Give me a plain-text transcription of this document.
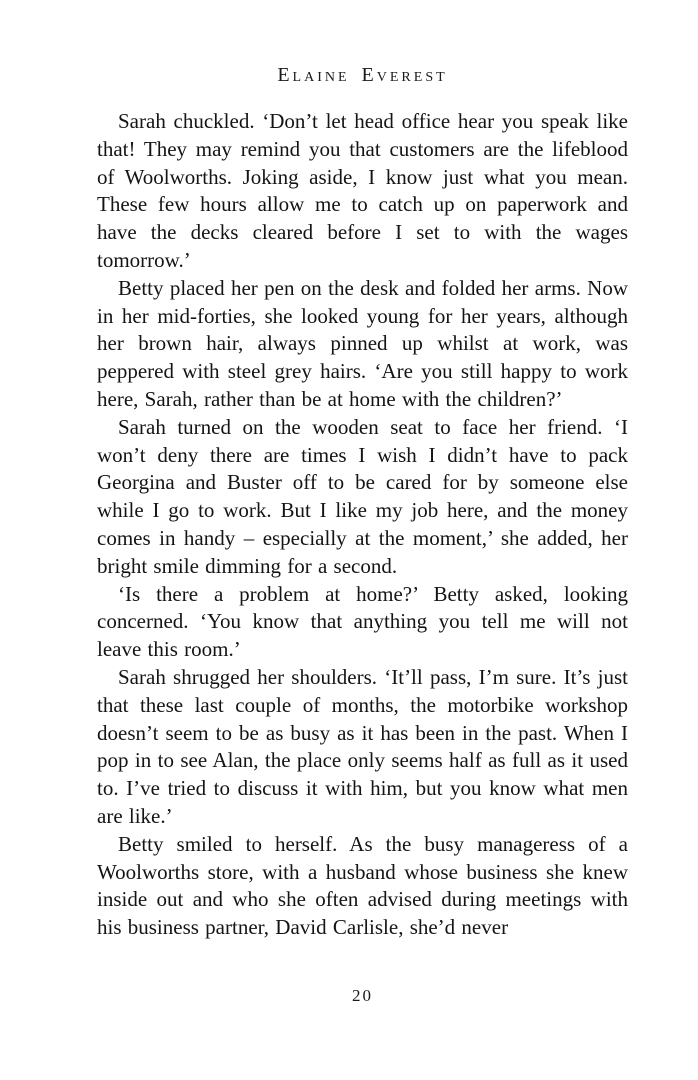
Elaine Everest

Sarah chuckled. ‘Don’t let head office hear you speak like that! They may remind you that customers are the lifeblood of Woolworths. Joking aside, I know just what you mean. These few hours allow me to catch up on paperwork and have the decks cleared before I set to with the wages tomorrow.’

Betty placed her pen on the desk and folded her arms. Now in her mid-forties, she looked young for her years, although her brown hair, always pinned up whilst at work, was peppered with steel grey hairs. ‘Are you still happy to work here, Sarah, rather than be at home with the children?’

Sarah turned on the wooden seat to face her friend. ‘I won’t deny there are times I wish I didn’t have to pack Georgina and Buster off to be cared for by someone else while I go to work. But I like my job here, and the money comes in handy – especially at the moment,’ she added, her bright smile dimming for a second.

‘Is there a problem at home?’ Betty asked, looking concerned. ‘You know that anything you tell me will not leave this room.’

Sarah shrugged her shoulders. ‘It’ll pass, I’m sure. It’s just that these last couple of months, the motorbike workshop doesn’t seem to be as busy as it has been in the past. When I pop in to see Alan, the place only seems half as full as it used to. I’ve tried to discuss it with him, but you know what men are like.’

Betty smiled to herself. As the busy manageress of a Woolworths store, with a husband whose business she knew inside out and who she often advised during meetings with his business partner, David Carlisle, she’d never

20
